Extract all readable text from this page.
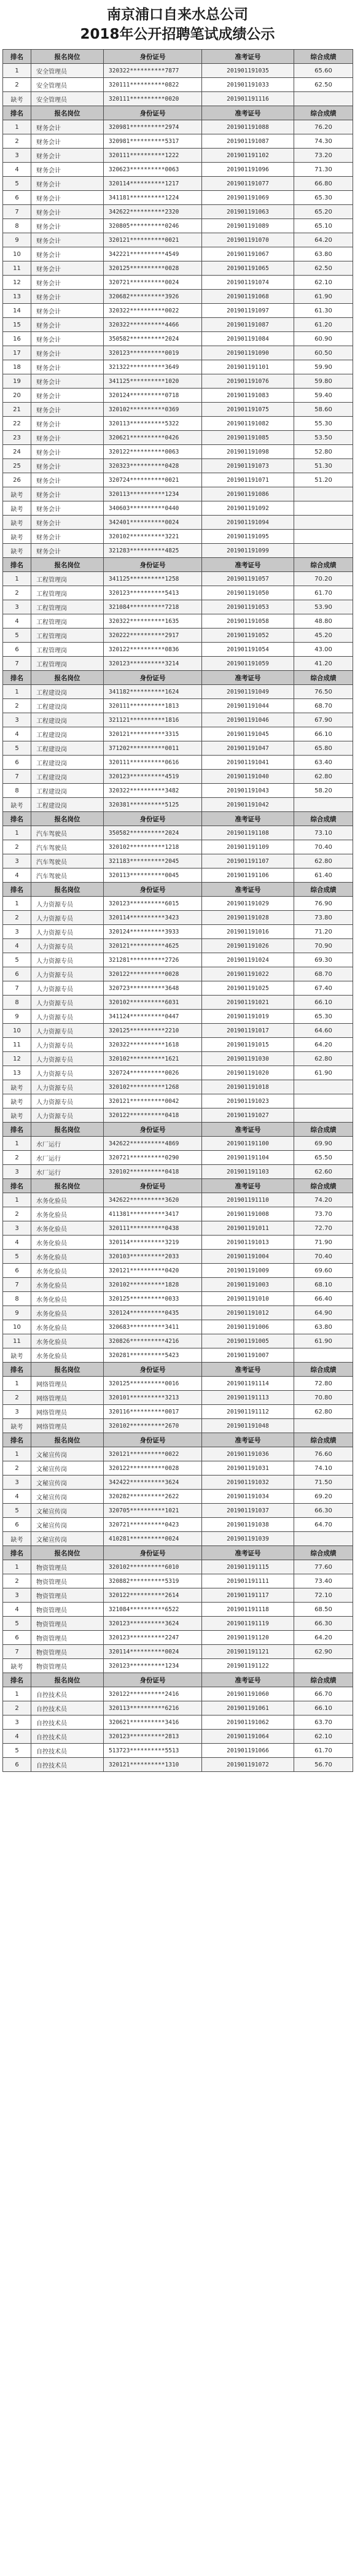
南京浦口自来水总公司
2018年公开招聘笔试成绩公示
排名	报名岗位	身份证号	准考证号	综合成绩
1	安全管理员	320322**********7877	201901191035	65.60
2	安全管理员	320111**********0822	201901191033	62.50
缺考	安全管理员	320111**********0020	201901191116	
排名	报名岗位	身份证号	准考证号	综合成绩
1	财务会计	320981**********2974	201901191088	76.20
2	财务会计	320981**********5317	201901191087	74.30
3	财务会计	320111**********1222	201901191102	73.20
4	财务会计	320623**********0063	201901191096	71.30
5	财务会计	320114**********1217	201901191077	66.80
6	财务会计	341181**********1224	201901191069	65.30
7	财务会计	342622**********2320	201901191063	65.20
8	财务会计	320805**********0246	201901191089	65.10
9	财务会计	320121**********0021	201901191070	64.20
10	财务会计	342221**********4549	201901191067	63.80
11	财务会计	320125**********0028	201901191065	62.50
12	财务会计	320721**********0024	201901191074	62.10
13	财务会计	320682**********3926	201901191068	61.90
14	财务会计	320322**********0022	201901191097	61.30
15	财务会计	320322**********4466	201901191087	61.20
16	财务会计	350582**********2024	201901191084	60.90
17	财务会计	320123**********0019	201901191090	60.50
18	财务会计	321322**********3649	201901191101	59.90
19	财务会计	341125**********1020	201901191076	59.80
20	财务会计	320124**********0718	201901191083	59.40
21	财务会计	320102**********0369	201901191075	58.60
22	财务会计	320113**********5322	201901191082	55.30
23	财务会计	320621**********0426	201901191085	53.50
24	财务会计	320122**********0063	201901191098	52.80
25	财务会计	320323**********0428	201901191073	51.30
26	财务会计	320724**********0021	201901191071	51.20
缺考	财务会计	320113**********1234	201901191086	
缺考	财务会计	340603**********0440	201901191092	
缺考	财务会计	342401**********0024	201901191094	
缺考	财务会计	320102**********3221	201901191095	
缺考	财务会计	321283**********4825	201901191099	
排名	报名岗位	身份证号	准考证号	综合成绩
1	工程管理岗	341125**********1258	201901191057	70.20
2	工程管理岗	320123**********5413	201901191050	61.70
3	工程管理岗	321084**********7218	201901191053	53.90
4	工程管理岗	320322**********1635	201901191058	48.80
5	工程管理岗	320222**********2917	201901191052	45.20
6	工程管理岗	320122**********0836	201901191054	43.00
7	工程管理岗	320123**********3214	201901191059	41.20
排名	报名岗位	身份证号	准考证号	综合成绩
1	工程建设岗	341182**********1624	201901191049	76.50
2	工程建设岗	320111**********1813	201901191044	68.70
3	工程建设岗	321121**********1816	201901191046	67.90
4	工程建设岗	320121**********3315	201901191045	66.10
5	工程建设岗	371202**********0011	201901191047	65.80
6	工程建设岗	320111**********0616	201901191041	63.40
7	工程建设岗	320123**********4519	201901191040	62.80
8	工程建设岗	320322**********3482	201901191043	58.20
缺考	工程建设岗	320381**********5125	201901191042	
排名	报名岗位	身份证号	准考证号	综合成绩
1	汽车驾驶员	350582**********2024	201901191108	73.10
2	汽车驾驶员	320102**********1218	201901191109	70.40
3	汽车驾驶员	321183**********2045	201901191107	62.80
4	汽车驾驶员	320113**********0045	201901191106	61.40
排名	报名岗位	身份证号	准考证号	综合成绩
1	人力资源专员	320123**********6015	201901191029	76.90
2	人力资源专员	320114**********3423	201901191028	73.80
3	人力资源专员	320124**********3933	201901191016	71.20
4	人力资源专员	320121**********4625	201901191026	70.90
5	人力资源专员	321281**********2726	201901191024	69.30
6	人力资源专员	320122**********0028	201901191022	68.70
7	人力资源专员	320723**********3648	201901191025	67.40
8	人力资源专员	320102**********6031	201901191021	66.10
9	人力资源专员	341124**********0447	201901191019	65.30
10	人力资源专员	320125**********2210	201901191017	64.60
11	人力资源专员	320322**********1618	201901191015	64.20
12	人力资源专员	320102**********1621	201901191030	62.80
13	人力资源专员	320724**********0026	201901191020	61.90
缺考	人力资源专员	320102**********1268	201901191018	
缺考	人力资源专员	320121**********0042	201901191023	
缺考	人力资源专员	320122**********0418	201901191027	
排名	报名岗位	身份证号	准考证号	综合成绩
1	水厂运行	342622**********4869	201901191100	69.90
2	水厂运行	320721**********0290	201901191104	65.50
3	水厂运行	320102**********0418	201901191103	62.60
排名	报名岗位	身份证号	准考证号	综合成绩
1	水务化验员	342622**********3620	201901191110	74.20
2	水务化验员	411381**********3417	201901191008	73.70
3	水务化验员	320111**********0438	201901191011	72.70
4	水务化验员	320114**********3219	201901191013	71.90
5	水务化验员	320103**********2033	201901191004	70.40
6	水务化验员	320121**********0420	201901191009	69.60
7	水务化验员	320102**********1828	201901191003	68.10
8	水务化验员	320125**********0033	201901191010	66.40
9	水务化验员	320124**********0435	201901191012	64.90
10	水务化验员	320683**********3411	201901191006	63.80
11	水务化验员	320826**********4216	201901191005	61.90
缺考	水务化验员	320281**********5423	201901191007	
排名	报名岗位	身份证号	准考证号	综合成绩
1	网络管理员	320125**********0016	201901191114	72.80
2	网络管理员	320101**********3213	201901191113	70.80
3	网络管理员	320116**********0017	201901191112	62.80
缺考	网络管理员	320102**********2670	201901191048	
排名	报名岗位	身份证号	准考证号	综合成绩
1	文秘宣传岗	320121**********0022	201901191036	76.60
2	文秘宣传岗	320122**********0028	201901191031	74.10
3	文秘宣传岗	342422**********3624	201901191032	71.50
4	文秘宣传岗	320282**********2622	201901191034	69.20
5	文秘宣传岗	320705**********1021	201901191037	66.30
6	文秘宣传岗	320721**********0423	201901191038	64.70
缺考	文秘宣传岗	410281**********0024	201901191039	
排名	报名岗位	身份证号	准考证号	综合成绩
1	物资管理员	320102**********6010	201901191115	77.60
2	物资管理员	320882**********5319	201901191111	73.40
3	物资管理员	320122**********2614	201901191117	72.10
4	物资管理员	321084**********6522	201901191118	68.50
5	物资管理员	320123**********3624	201901191119	66.30
6	物资管理员	320123**********2247	201901191120	64.20
7	物资管理员	320114**********0024	201901191121	62.90
缺考	物资管理员	320123**********1234	201901191122	
排名	报名岗位	身份证号	准考证号	综合成绩
1	自控技术员	320122**********2416	201901191060	66.70
2	自控技术员	320113**********6216	201901191061	66.10
3	自控技术员	320621**********3416	201901191062	63.70
4	自控技术员	320123**********2813	201901191064	62.10
5	自控技术员	513723**********5513	201901191066	61.70
6	自控技术员	320121**********1310	201901191072	56.70
